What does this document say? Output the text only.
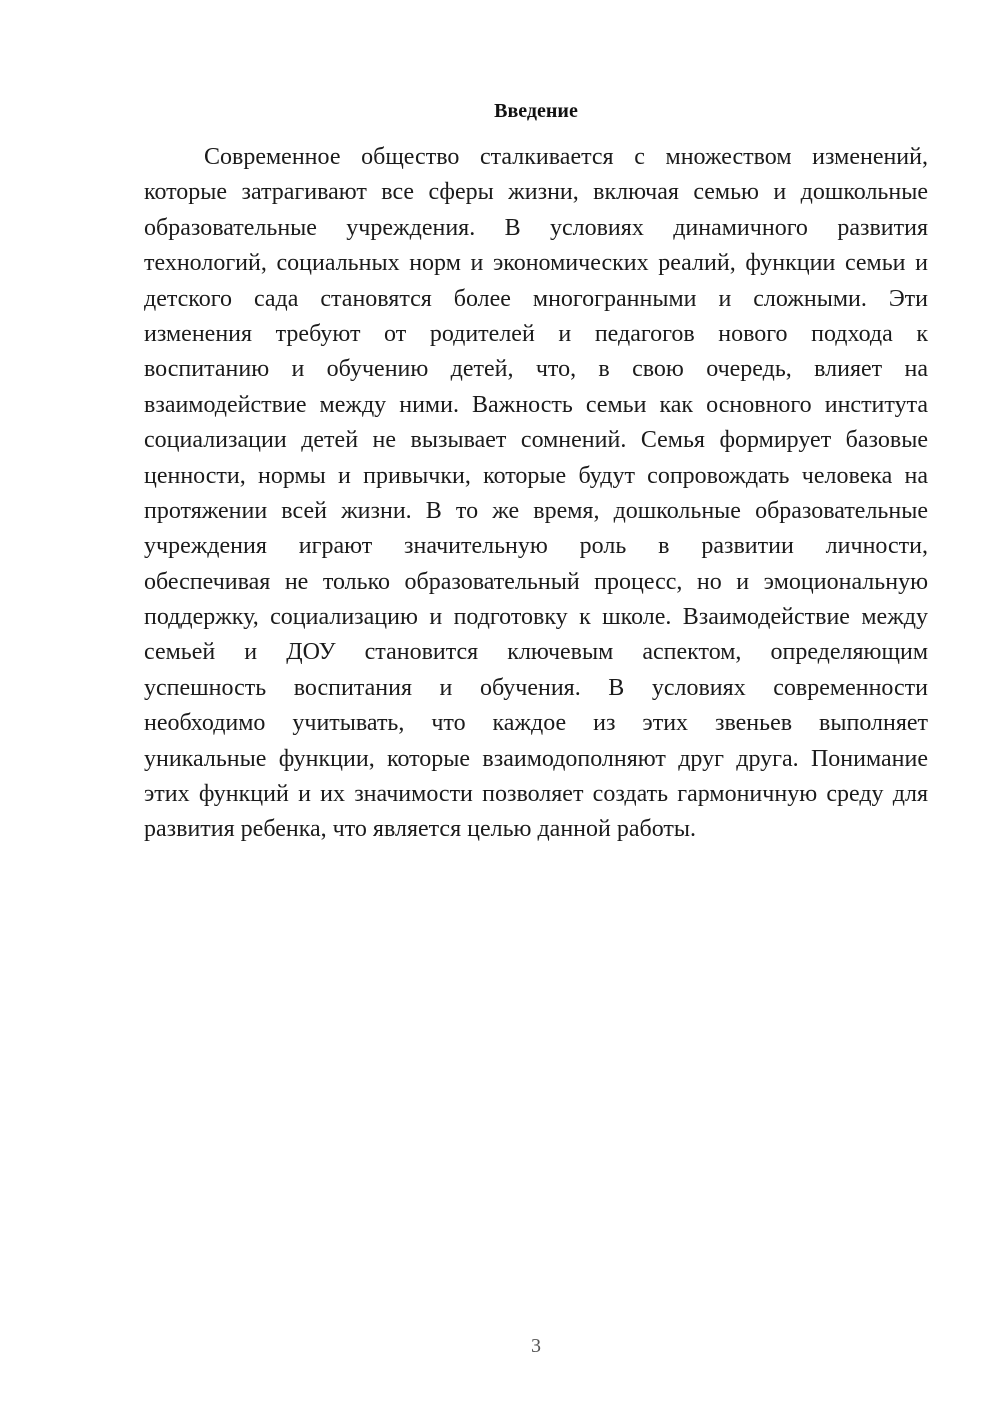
Введение
Современное общество сталкивается с множеством изменений,
которые затрагивают все сферы жизни, включая семью и дошкольные
образовательные учреждения. В условиях динамичного развития
технологий, социальных норм и экономических реалий, функции семьи и
детского сада становятся более многогранными и сложными. Эти
изменения требуют от родителей и педагогов нового подхода к
воспитанию и обучению детей, что, в свою очередь, влияет на
взаимодействие между ними. Важность семьи как основного института
социализации детей не вызывает сомнений. Семья формирует базовые
ценности, нормы и привычки, которые будут сопровождать человека на
протяжении всей жизни. В то же время, дошкольные образовательные
учреждения играют значительную роль в развитии личности,
обеспечивая не только образовательный процесс, но и эмоциональную
поддержку, социализацию и подготовку к школе. Взаимодействие между
семьей и ДОУ становится ключевым аспектом, определяющим
успешность воспитания и обучения. В условиях современности
необходимо учитывать, что каждое из этих звеньев выполняет
уникальные функции, которые взаимодополняют друг друга. Понимание
этих функций и их значимости позволяет создать гармоничную среду для
развития ребенка, что является целью данной работы.
3
